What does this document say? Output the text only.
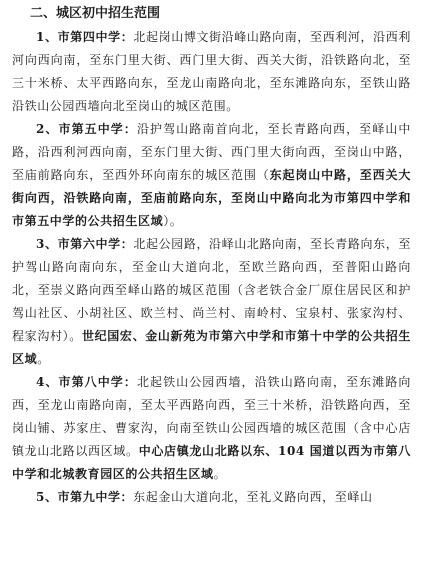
二、城区初中招生范围

1、市第四中学：北起岗山博文街沿峰山路向南，至西利河，沿西利河向西向南，至东门里大街、西门里大街、西关大街，沿铁路向北，至三十米桥、太平西路向东，至龙山南路向北，至东滩路向东，至铁山路沿铁山公园西墙向北至岗山的城区范围。

2、市第五中学：沿护驾山路南首向北，至长青路向西，至峄山中路，沿西利河西向南，至东门里大街、西门里大街向西，至岗山中路，至庙前路向东，至西外环向南东的城区范围（东起岗山中路，至西关大街向西，沿铁路向南，至庙前路向东，至岗山中路向北为市第四中学和市第五中学的公共招生区域）。

3、市第六中学：北起公园路，沿峄山北路向南，至长青路向东，至护驾山路向南向东，至金山大道向北，至欧兰路向西，至普阳山路向北，至崇义路向西至峄山路的城区范围（含老铁合金厂原住居民区和护驾山社区、小胡社区、欧兰村、尚兰村、南岭村、宝泉村、张家沟村、程家沟村）。世纪国宏、金山新苑为市第六中学和市第十中学的公共招生区域。

4、市第八中学：北起铁山公园西墙，沿铁山路向南，至东滩路向西，至龙山南路向南，至太平西路向西，至三十米桥，沿铁路向西，至岗山铺、苏家庄、曹家沟，向南至铁山公园西墙的城区范围（含中心店镇龙山北路以西区域。中心店镇龙山北路以东、104 国道以西为市第八中学和北城教育园区的公共招生区域。

5、市第九中学：东起金山大道向北，至礼义路向西，至峄山
